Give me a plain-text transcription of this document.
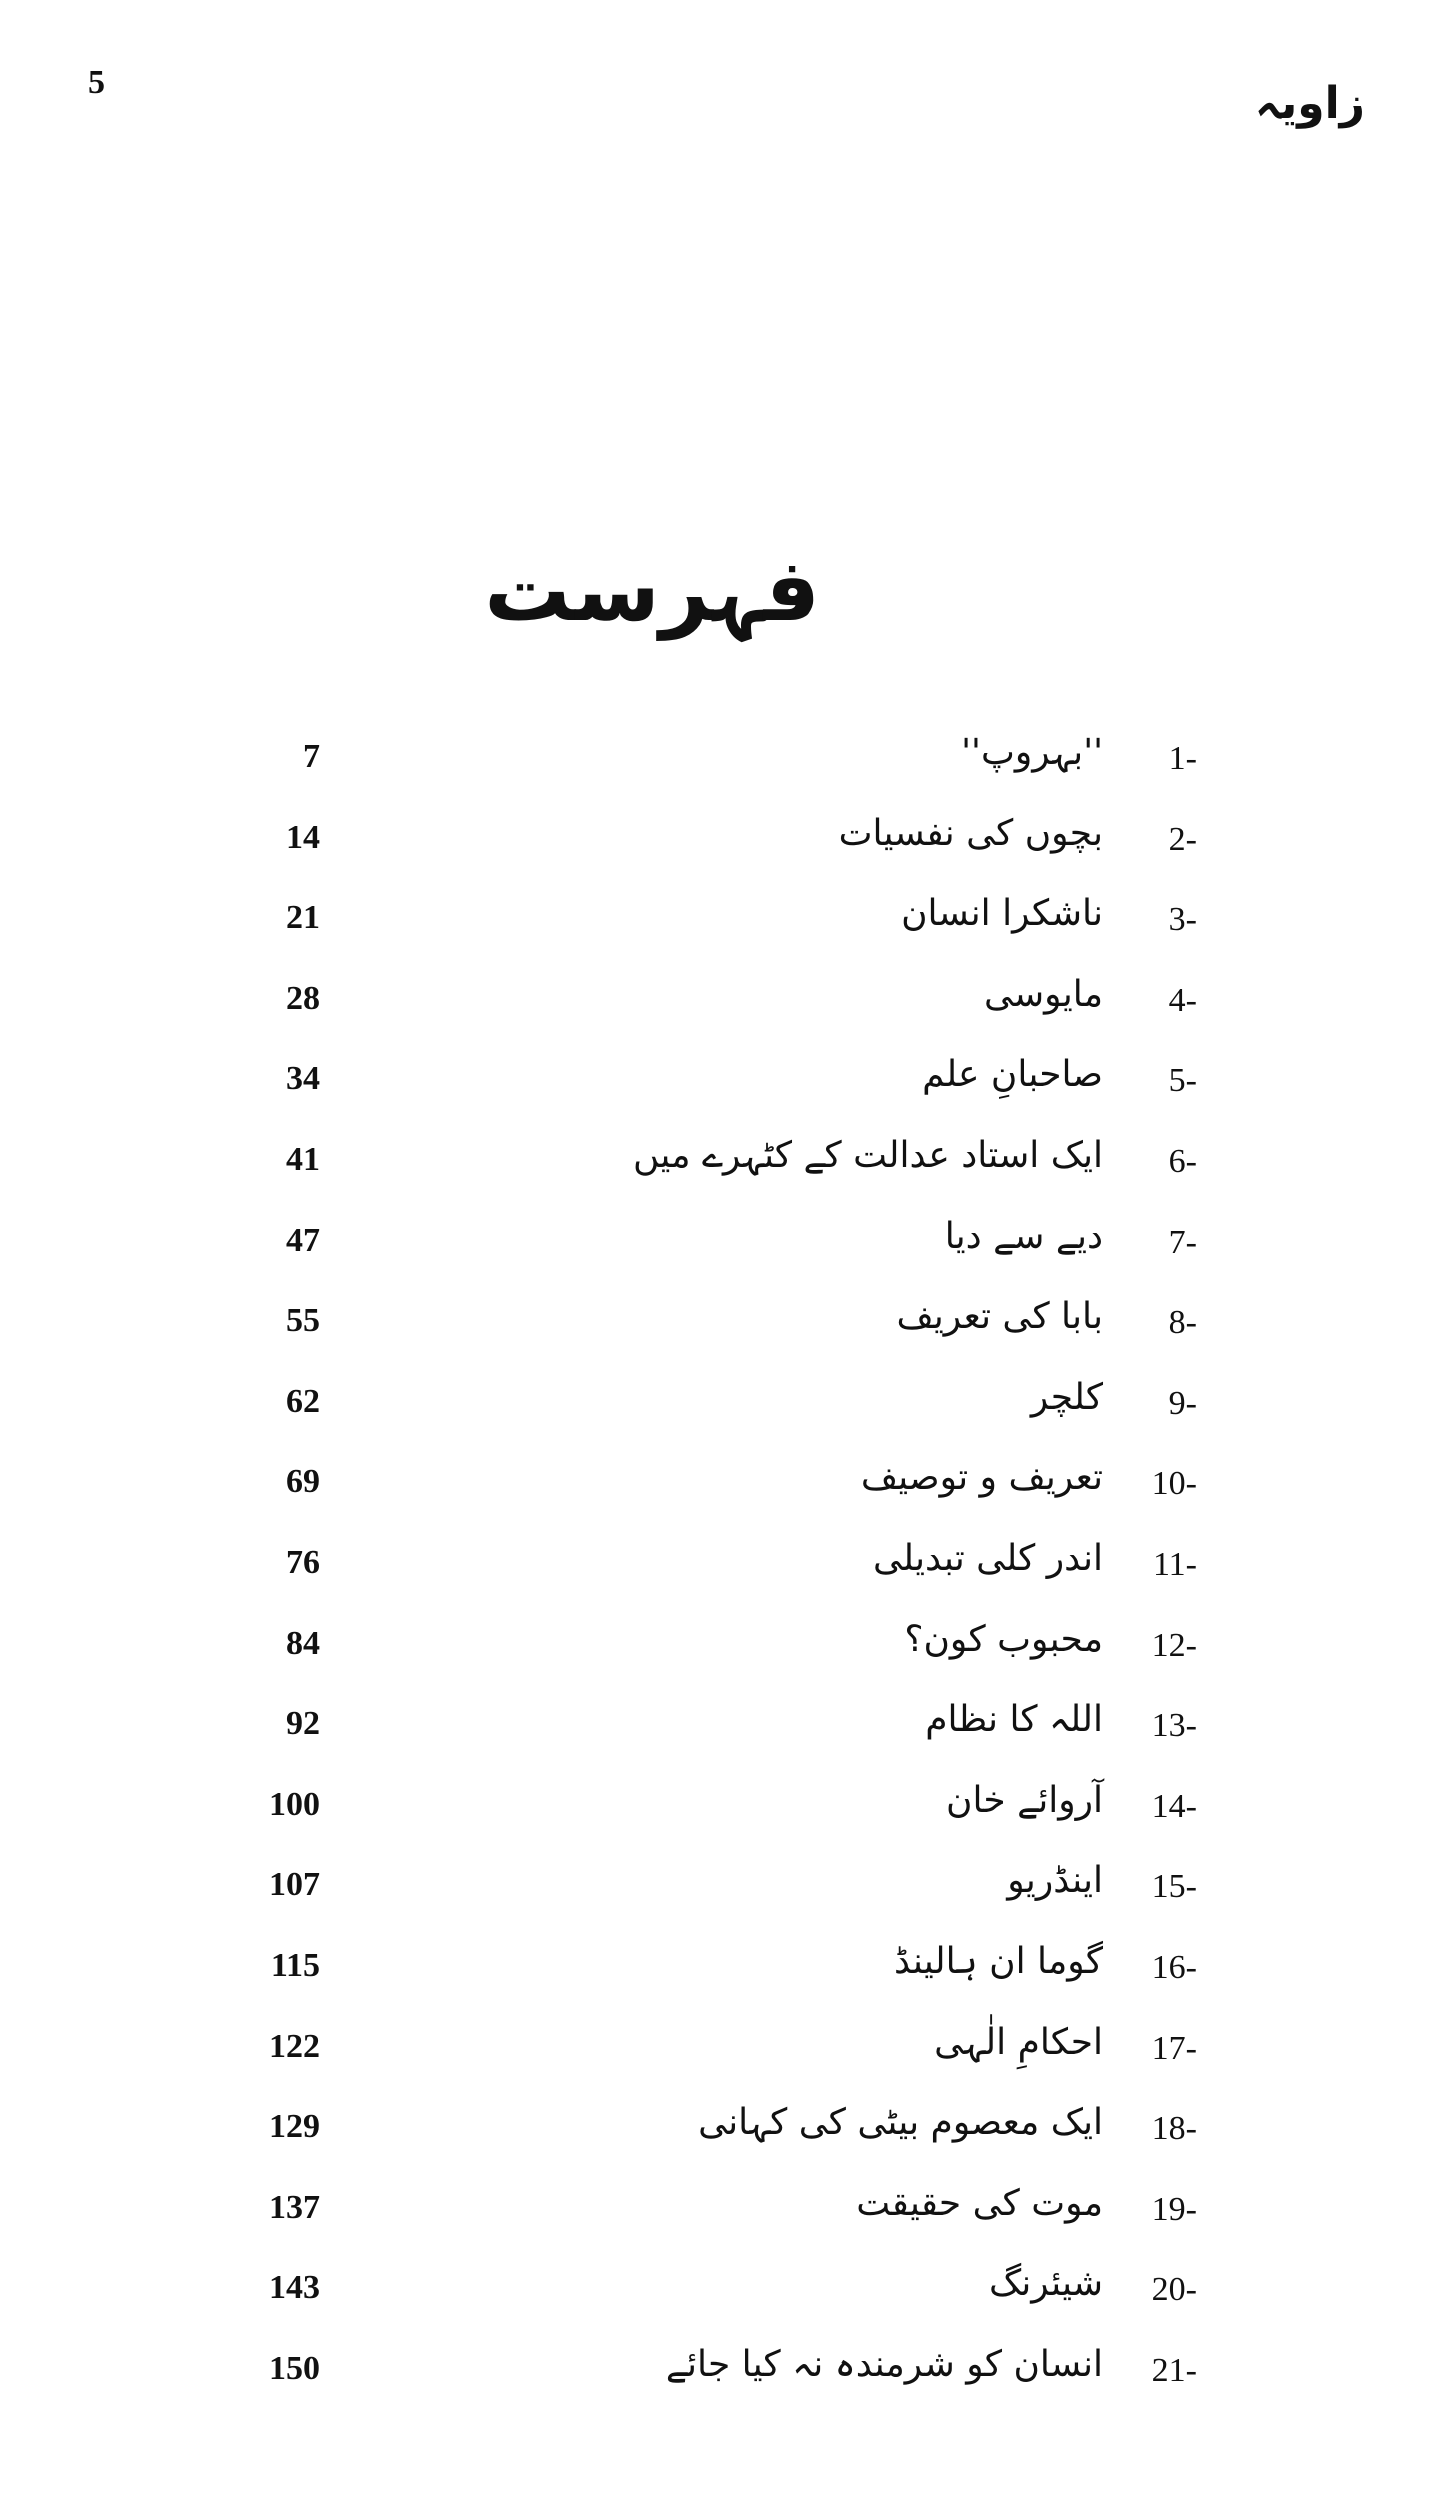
5	زاویہ
فہرست
1-
''بہروپ''
7
2-
بچوں کی نفسیات
14
3-
ناشکرا انسان
21
4-
مایوسی
28
5-
صاحبانِ علم
34
6-
ایک استاد عدالت کے کٹہرے میں
41
7-
دیے سے دیا
47
8-
بابا کی تعریف
55
9-
کلچر
62
10-
تعریف و توصیف
69
11-
اندر کلی تبدیلی
76
12-
محبوب کون؟
84
13-
اللہ کا نظام
92
14-
آروائے خان
100
15-
اینڈریو
107
16-
گوما ان ہالینڈ
115
17-
احکامِ الٰہی
122
18-
ایک معصوم بیٹی کی کہانی
129
19-
موت کی حقیقت
137
20-
شیئرنگ
143
21-
انسان کو شرمندہ نہ کیا جائے
150
